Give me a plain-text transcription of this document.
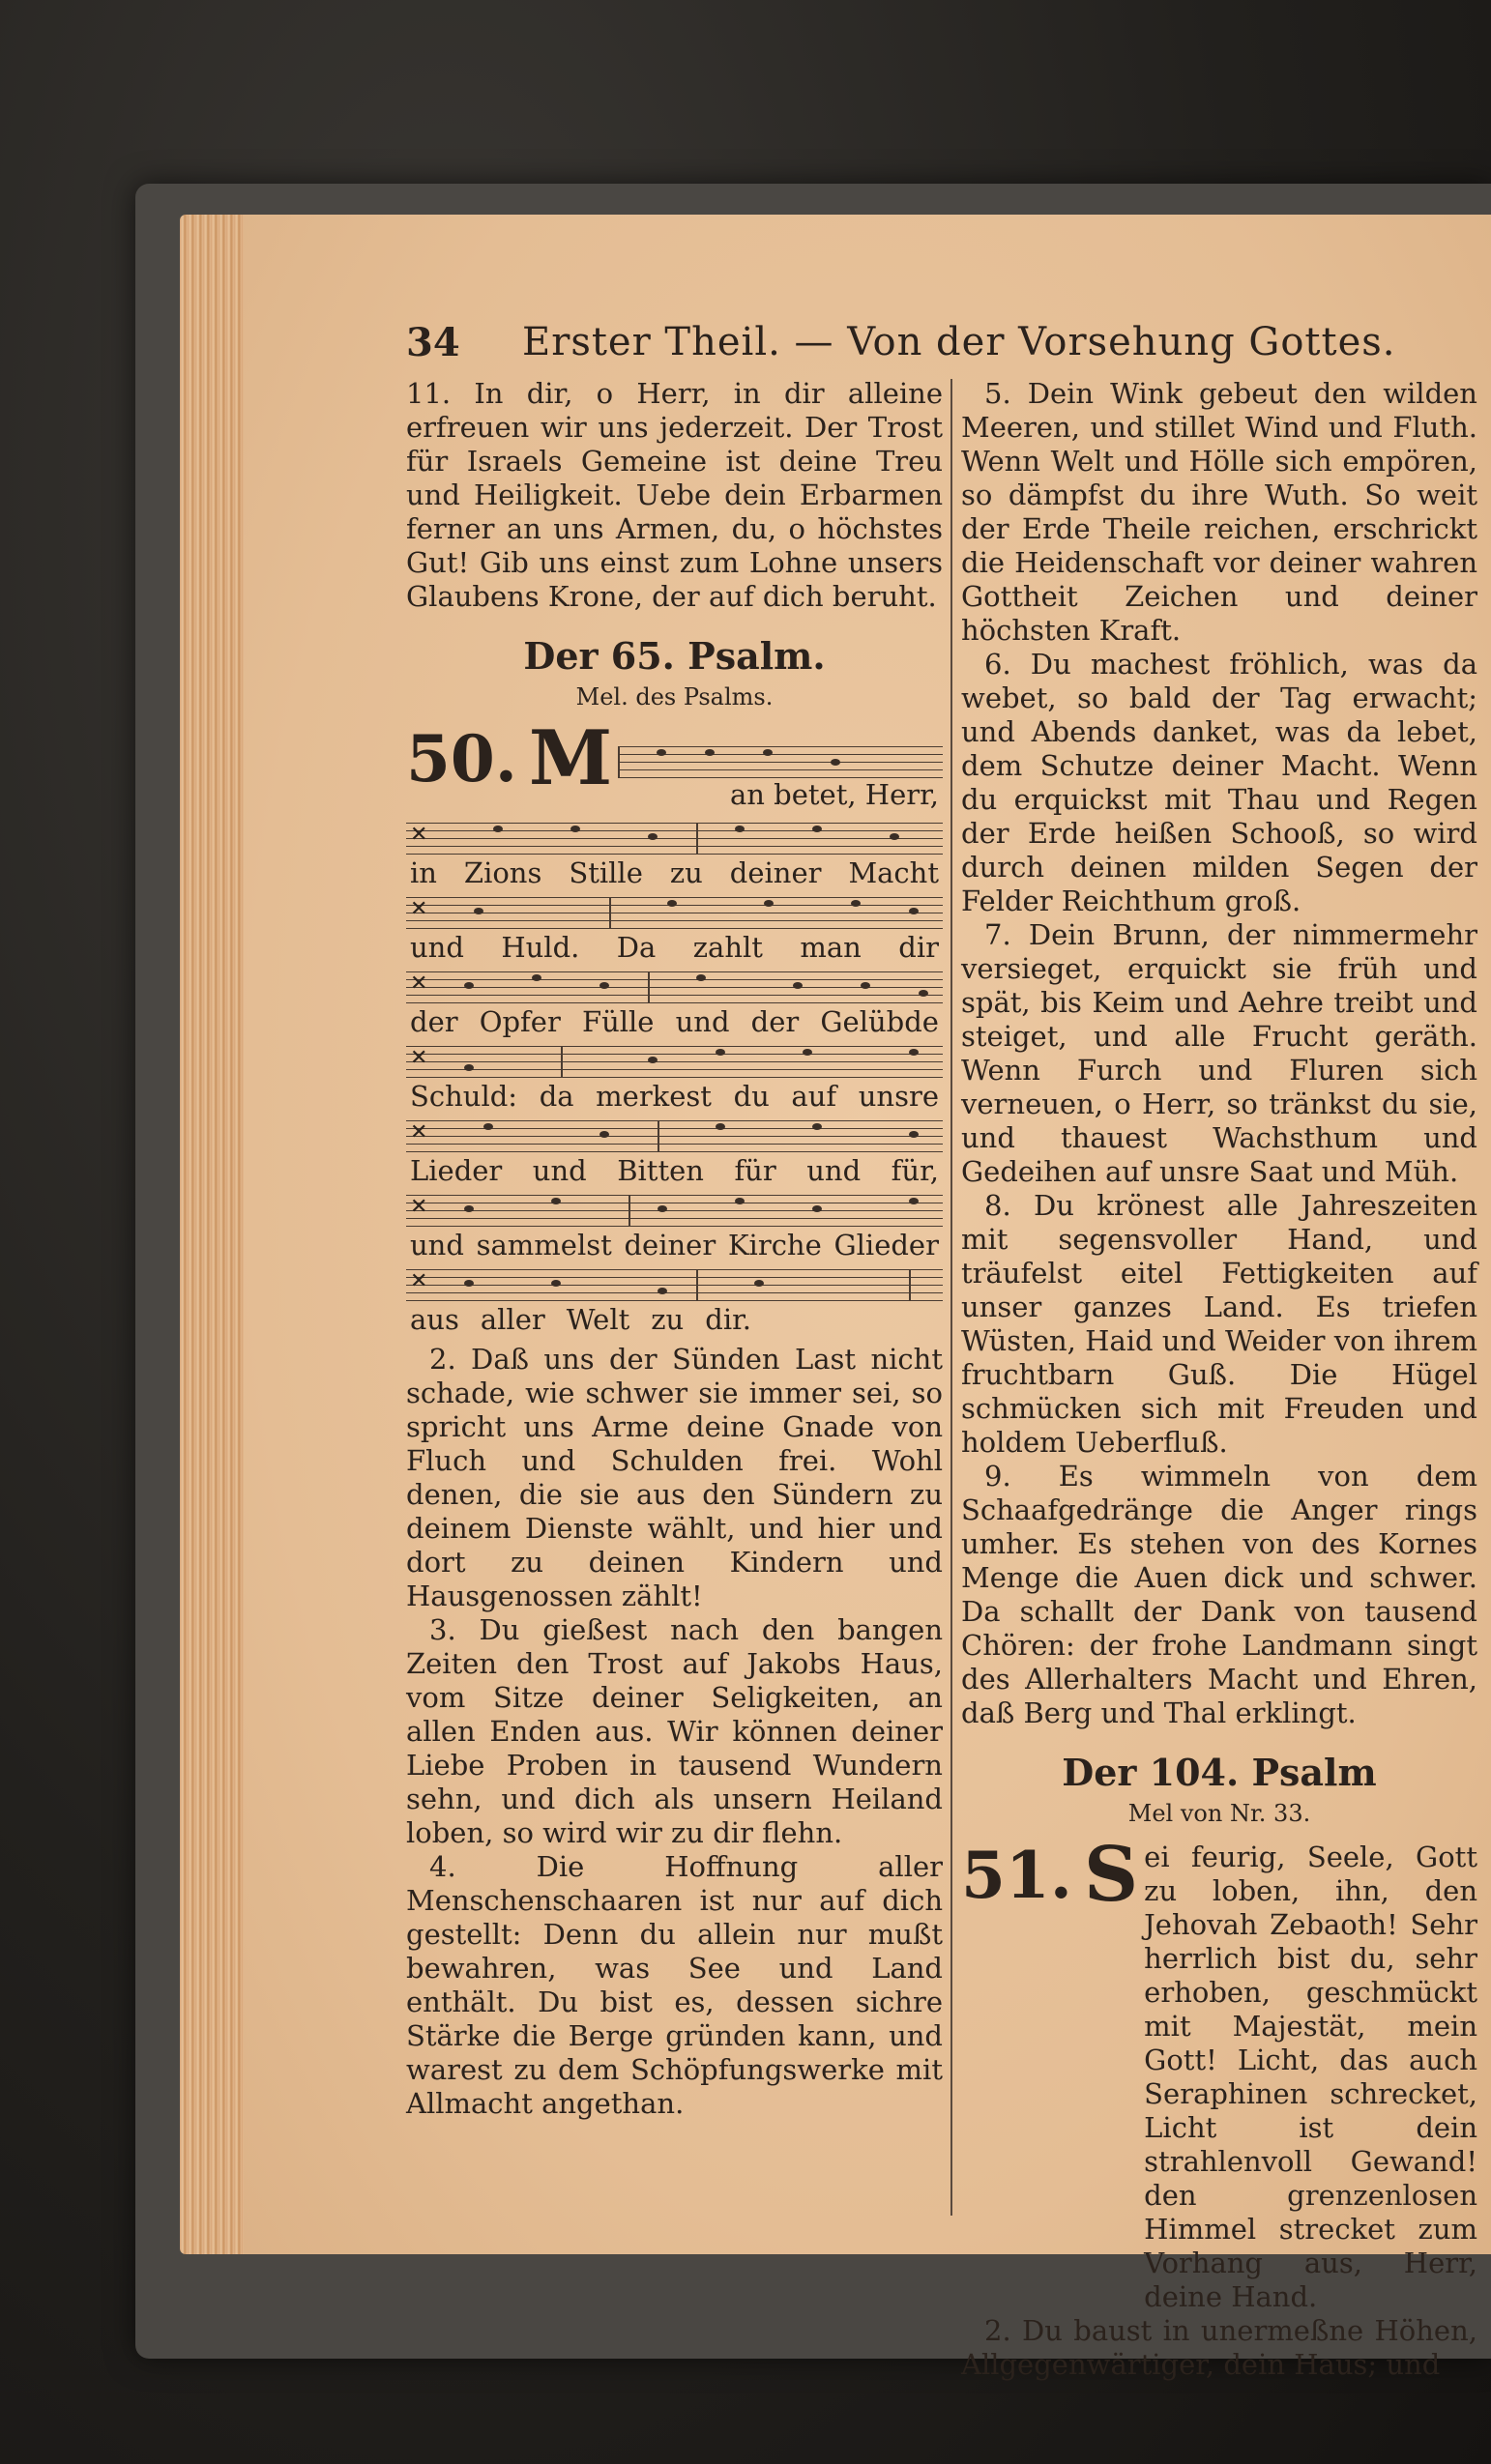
34	Erster Theil. — Von der Vorsehung Gottes.

11. In dir, o Herr, in dir alleine erfreuen wir uns jederzeit. Der Trost für Israels Gemeine ist deine Treu und Heiligkeit. Uebe dein Erbarmen ferner an uns Armen, du, o höchstes Gut! Gib uns einst zum Lohne unsers Glaubens Krone, der auf dich beruht.

Der 65. Psalm.
Mel. des Psalms.
50. M	an betet, Herr,
✕
in Zions Stille zu deiner Macht
✕
und Huld. Da zahlt man dir
✕
der Opfer Fülle und der Gelübde
✕
Schuld: da merkest du auf unsre
✕
Lieder und Bitten für und für,
✕
und sammelst deiner Kirche Glieder
✕
aus aller Welt zu dir.

2. Daß uns der Sünden Last nicht schade, wie schwer sie immer sei, so spricht uns Arme deine Gnade von Fluch und Schulden frei. Wohl denen, die sie aus den Sündern zu deinem Dienste wählt, und hier und dort zu deinen Kindern und Hausgenossen zählt!

3. Du gießest nach den bangen Zeiten den Trost auf Jakobs Haus, vom Sitze deiner Seligkeiten, an allen Enden aus. Wir können deiner Liebe Proben in tausend Wundern sehn, und dich als unsern Heiland loben, so wird wir zu dir flehn.

4. Die Hoffnung aller Menschenschaaren ist nur auf dich gestellt: Denn du allein nur mußt bewahren, was See und Land enthält. Du bist es, dessen sichre Stärke die Berge gründen kann, und warest zu dem Schöpfungswerke mit Allmacht angethan.

5. Dein Wink gebeut den wilden Meeren, und stillet Wind und Fluth. Wenn Welt und Hölle sich empören, so dämpfst du ihre Wuth. So weit der Erde Theile reichen, erschrickt die Heidenschaft vor deiner wahren Gottheit Zeichen und deiner höchsten Kraft.

6. Du machest fröhlich, was da webet, so bald der Tag erwacht; und Abends danket, was da lebet, dem Schutze deiner Macht. Wenn du erquickst mit Thau und Regen der Erde heißen Schooß, so wird durch deinen milden Segen der Felder Reichthum groß.

7. Dein Brunn, der nimmermehr versieget, erquickt sie früh und spät, bis Keim und Aehre treibt und steiget, und alle Frucht geräth. Wenn Furch und Fluren sich verneuen, o Herr, so tränkst du sie, und thauest Wachsthum und Gedeihen auf unsre Saat und Müh.

8. Du krönest alle Jahreszeiten mit segensvoller Hand, und träufelst eitel Fettigkeiten auf unser ganzes Land. Es triefen Wüsten, Haid und Weider von ihrem fruchtbarn Guß. Die Hügel schmücken sich mit Freuden und holdem Ueberfluß.

9. Es wimmeln von dem Schaafgedränge die Anger rings umher. Es stehen von des Kornes Menge die Auen dick und schwer. Da schallt der Dank von tausend Chören: der frohe Landmann singt des Allerhalters Macht und Ehren, daß Berg und Thal erklingt.

Der 104. Psalm
Mel von Nr. 33.
51. S ei feurig, Seele, Gott zu loben, ihn, den Jehovah Zebaoth! Sehr herrlich bist du, sehr erhoben, geschmückt mit Majestät, mein Gott! Licht, das auch Seraphinen schrecket, Licht ist dein strahlenvoll Gewand! den grenzenlosen Himmel strecket zum Vorhang aus, Herr, deine Hand.

2. Du baust in unermeßne Höhen, Allgegenwärtiger, dein Haus; und
